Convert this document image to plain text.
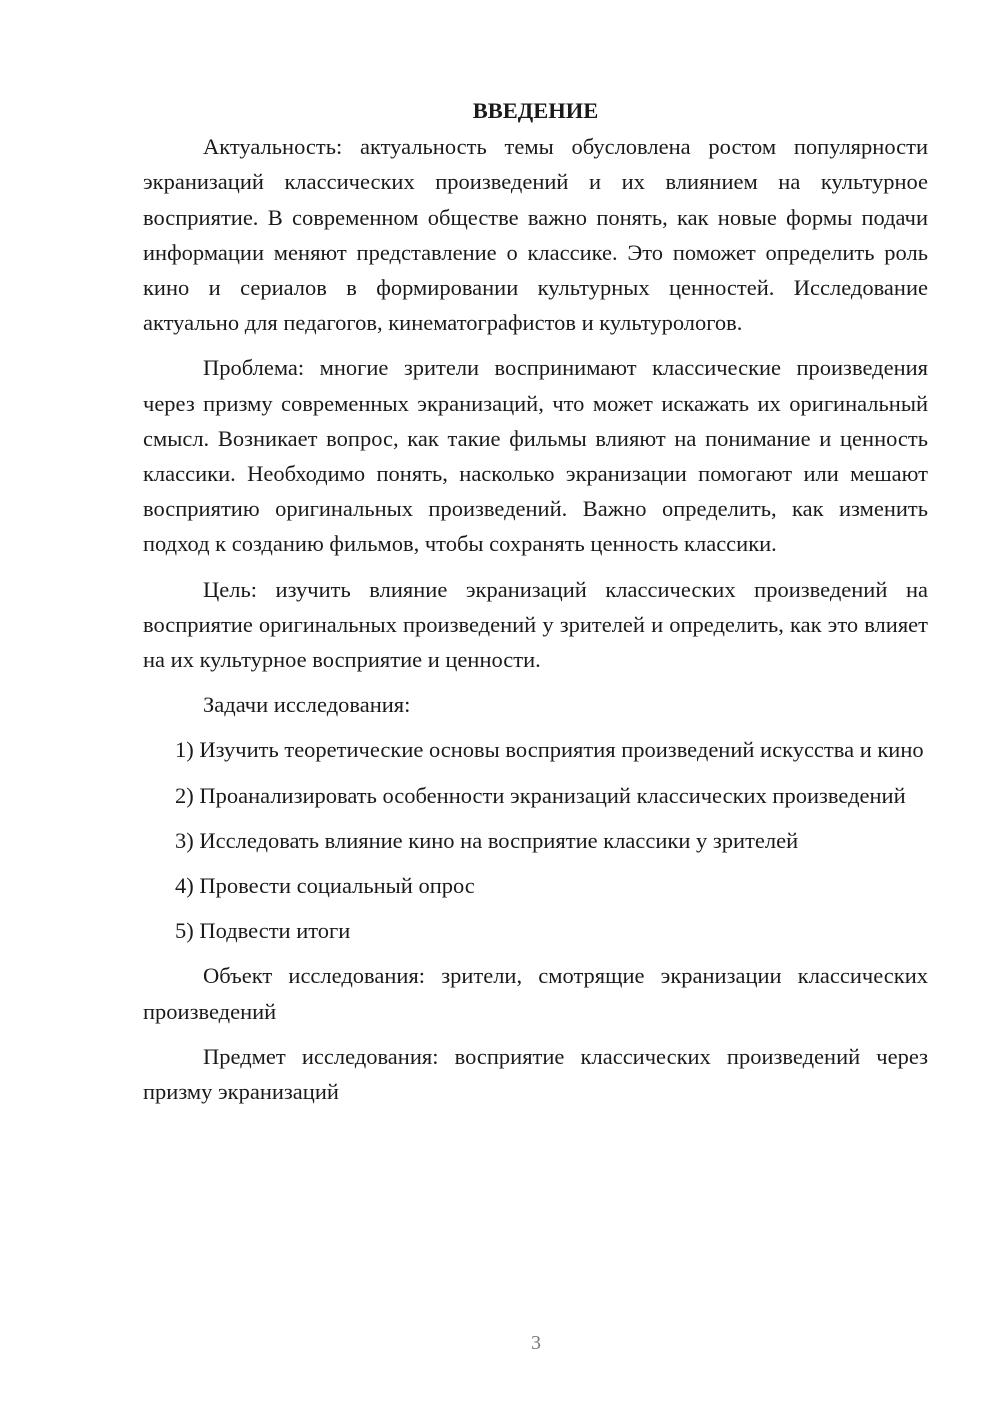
ВВЕДЕНИЕ

Актуальность: актуальность темы обусловлена ростом популярности экранизаций классических произведений и их влиянием на культурное восприятие. В современном обществе важно понять, как новые формы подачи информации меняют представление о классике. Это поможет определить роль кино и сериалов в формировании культурных ценностей. Исследование актуально для педагогов, кинематографистов и культурологов.

Проблема: многие зрители воспринимают классические произведения через призму современных экранизаций, что может искажать их оригинальный смысл. Возникает вопрос, как такие фильмы влияют на понимание и ценность классики. Необходимо понять, насколько экранизации помогают или мешают восприятию оригинальных произведений. Важно определить, как изменить подход к созданию фильмов, чтобы сохранять ценность классики.

Цель: изучить влияние экранизаций классических произведений на восприятие оригинальных произведений у зрителей и определить, как это влияет на их культурное восприятие и ценности.

Задачи исследования:

1) Изучить теоретические основы восприятия произведений искусства и кино

2) Проанализировать особенности экранизаций классических произведений

3) Исследовать влияние кино на восприятие классики у зрителей

4) Провести социальный опрос

5) Подвести итоги

Объект исследования: зрители, смотрящие экранизации классических произведений

Предмет исследования: восприятие классических произведений через призму экранизаций

3
